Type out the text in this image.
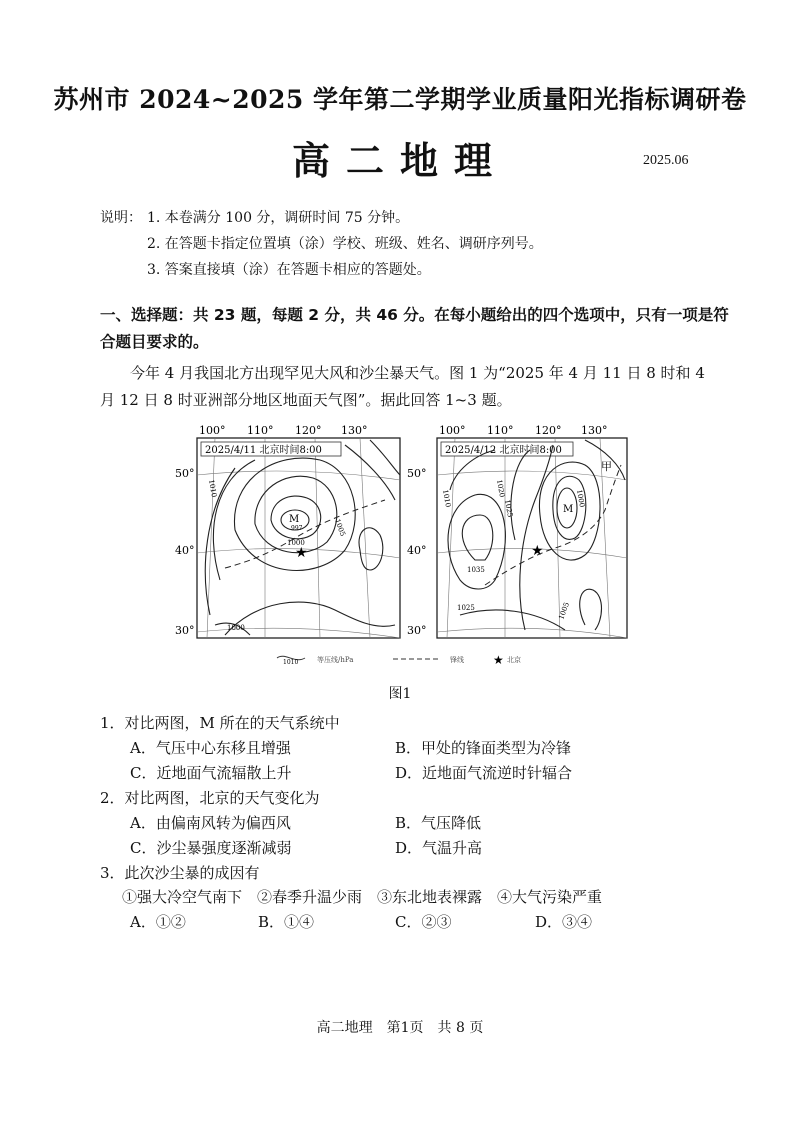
苏州市 2024~2025 学年第二学期学业质量阳光指标调研卷
高二地理	2025.06
说明： 1. 本卷满分 100 分，调研时间 75 分钟。
2. 在答题卡指定位置填（涂）学校、班级、姓名、调研序列号。
3. 答案直接填（涂）在答题卡相应的答题处。
一、选择题：共 23 题，每题 2 分，共 46 分。在每小题给出的四个选项中，只有一项是符
合题目要求的。
今年 4 月我国北方出现罕见大风和沙尘暴天气。图 1 为“2025 年 4 月 11 日 8 时和 4
月 12 日 8 时亚洲部分地区地面天气图”。据此回答 1~3 题。
100° 110° 120° 130°
50°
40°
30°
2025/4/11 北京时间8:00
M
997
1010
1005
1000
1000
★
100° 110° 120° 130°
50°
40°
30°
2025/4/12 北京时间8:00
M
甲
1010
1020
1025
1035
1025	1005
1000
★
1010	等压线/hPa	锋线 ★ 北京
图1
1．对比两图，M 所在的天气系统中
A．气压中心东移且增强	B．甲处的锋面类型为冷锋
C．近地面气流辐散上升	D．近地面气流逆时针辐合
2．对比两图，北京的天气变化为
A．由偏南风转为偏西风	B．气压降低
C．沙尘暴强度逐渐减弱	D．气温升高
3．此次沙尘暴的成因有
①强大冷空气南下　②春季升温少雨　③东北地表裸露　④大气污染严重
A．①②	B．①④	C．②③	D．③④
高二地理　第1页　共 8 页
